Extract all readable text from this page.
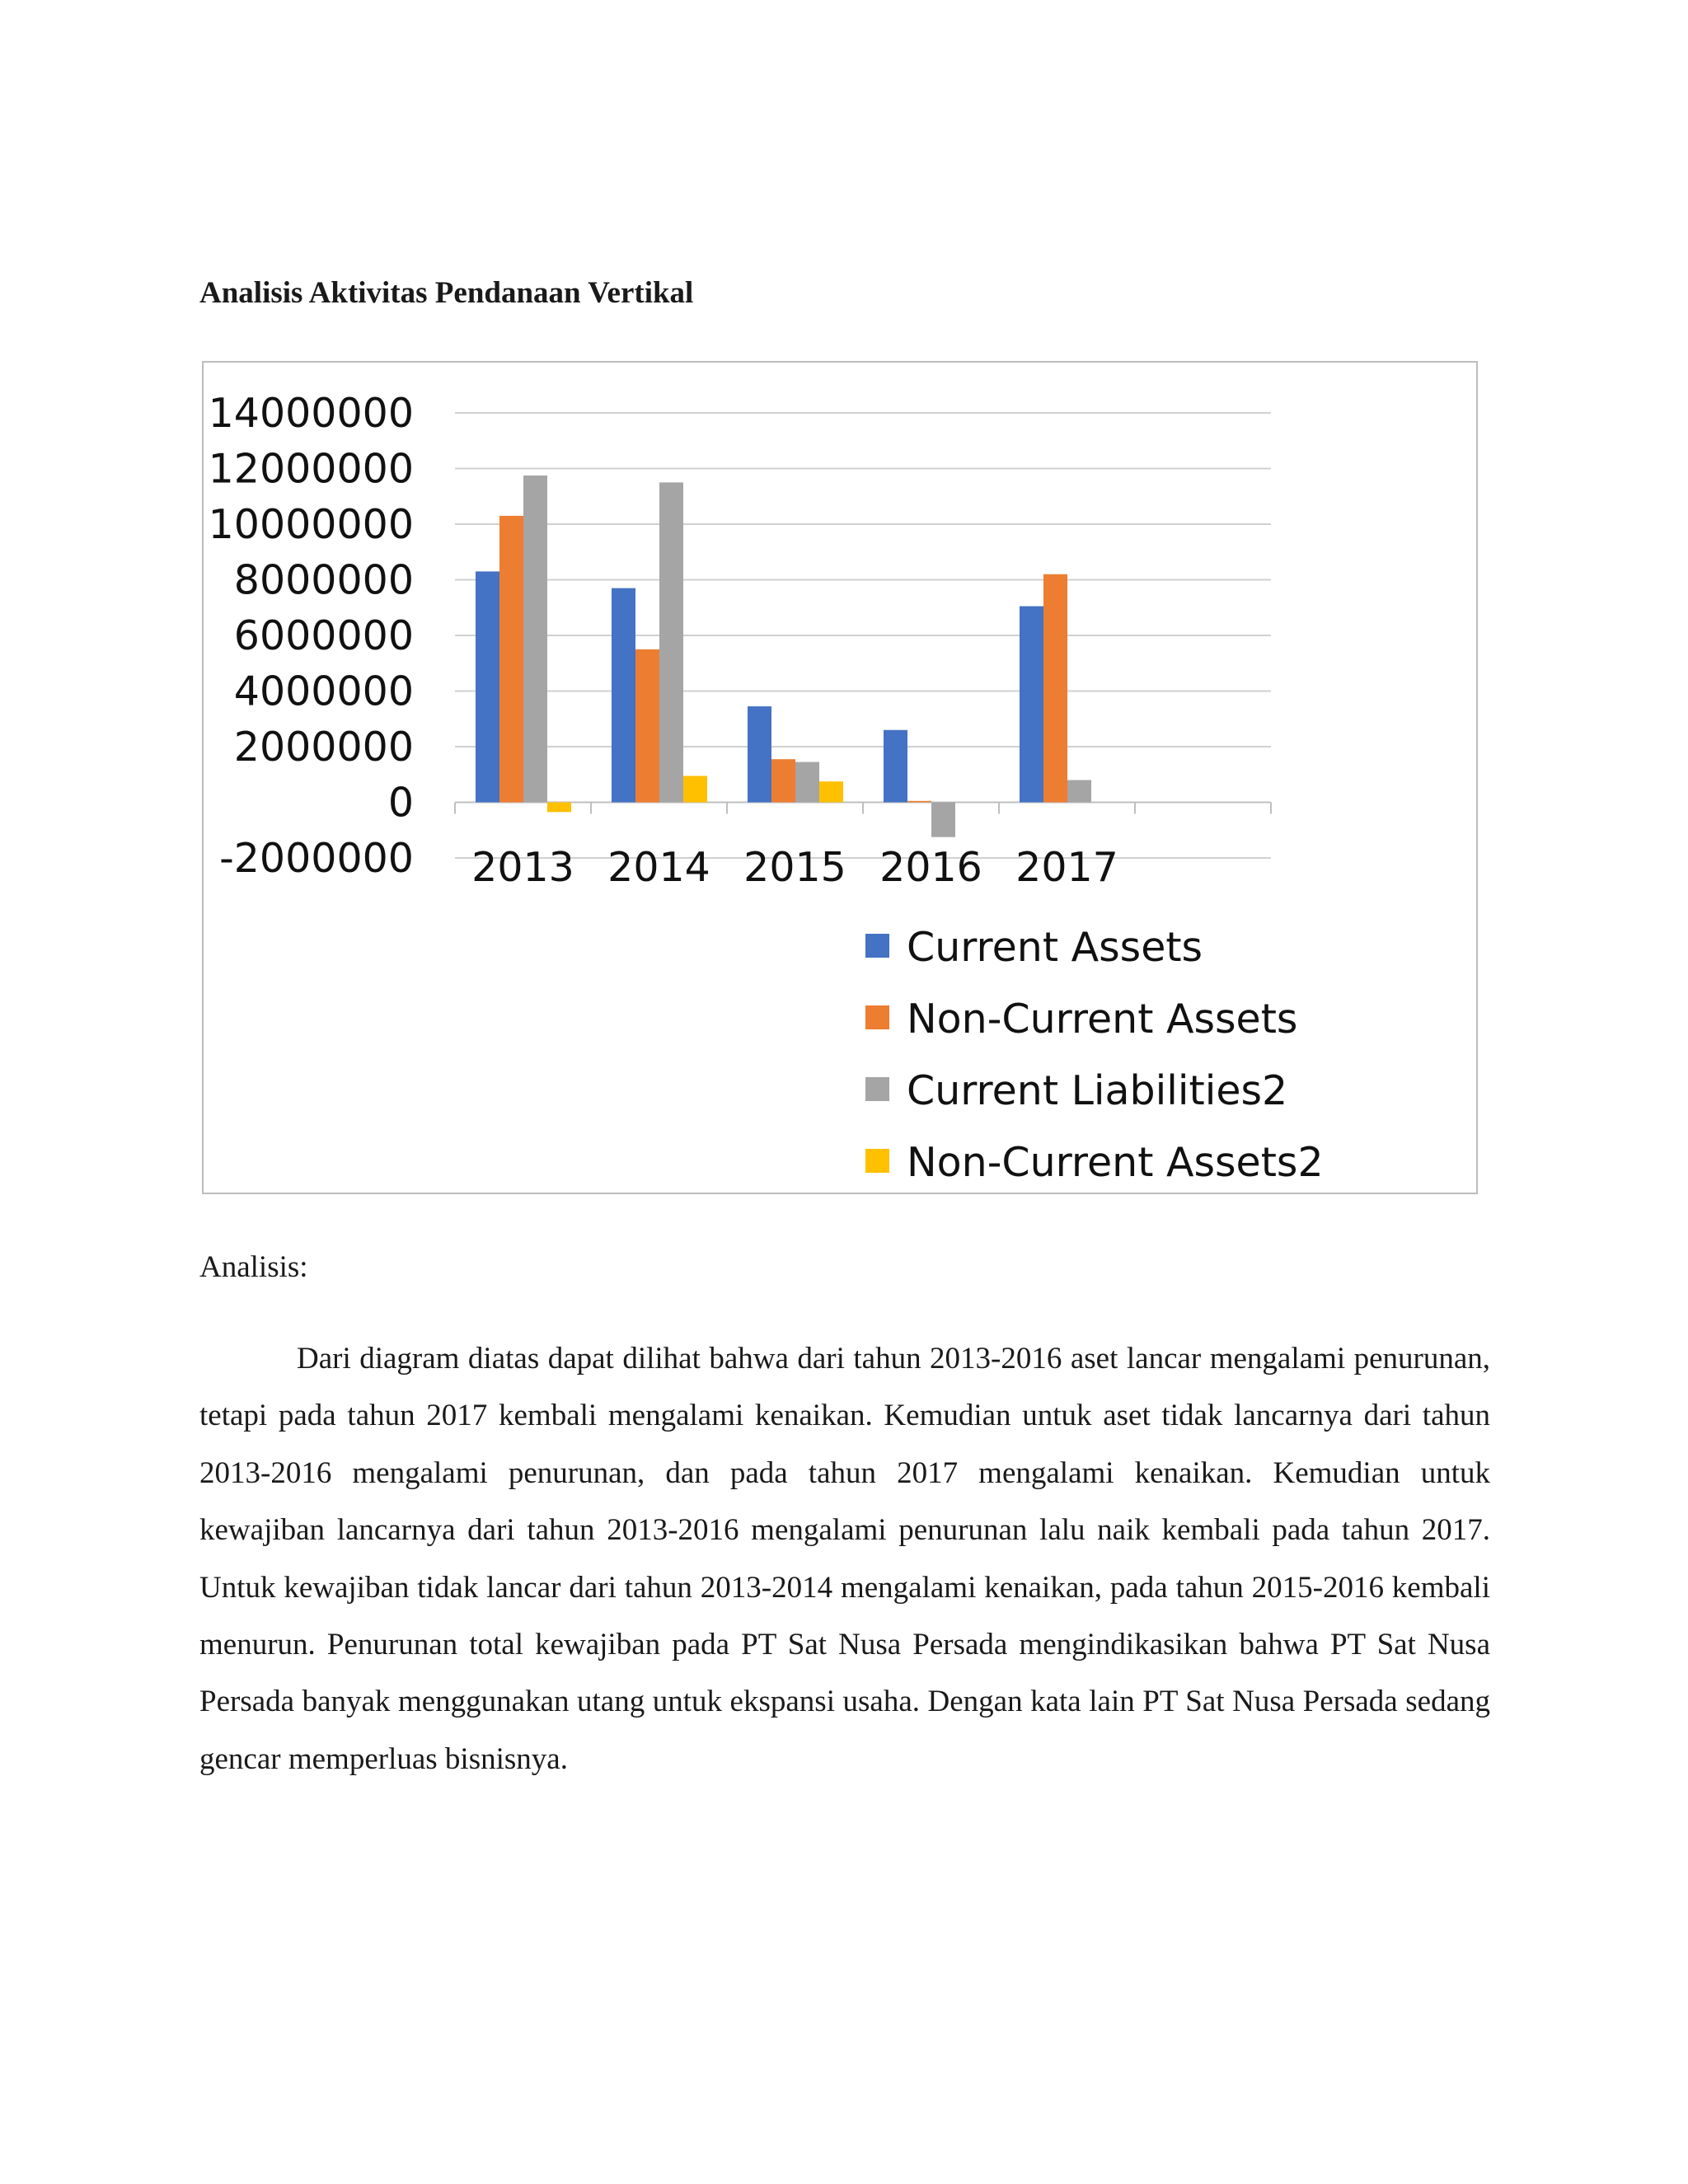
Analisis Aktivitas Pendanaan Vertikal
14000000
12000000
10000000
8000000
6000000
4000000
2000000
0
-2000000 2013 2014 2015 2016 2017
Current Assets
Non-Current Assets
Current Liabilities2
Non-Current Assets2

Analisis:

Dari diagram diatas dapat dilihat bahwa dari tahun 2013-2016 aset lancar mengalami penurunan, tetapi pada tahun 2017 kembali mengalami kenaikan. Kemudian untuk aset tidak lancarnya dari tahun 2013-2016 mengalami penurunan, dan pada tahun 2017 mengalami kenaikan. Kemudian untuk kewajiban lancarnya dari tahun 2013-2016 mengalami penurunan lalu naik kembali pada tahun 2017. Untuk kewajiban tidak lancar dari tahun 2013-2014 mengalami kenaikan, pada tahun 2015-2016 kembali menurun. Penurunan total kewajiban pada PT Sat Nusa Persada mengindikasikan bahwa PT Sat Nusa Persada banyak menggunakan utang untuk ekspansi usaha. Dengan kata lain PT Sat Nusa Persada sedang gencar memperluas bisnisnya.
